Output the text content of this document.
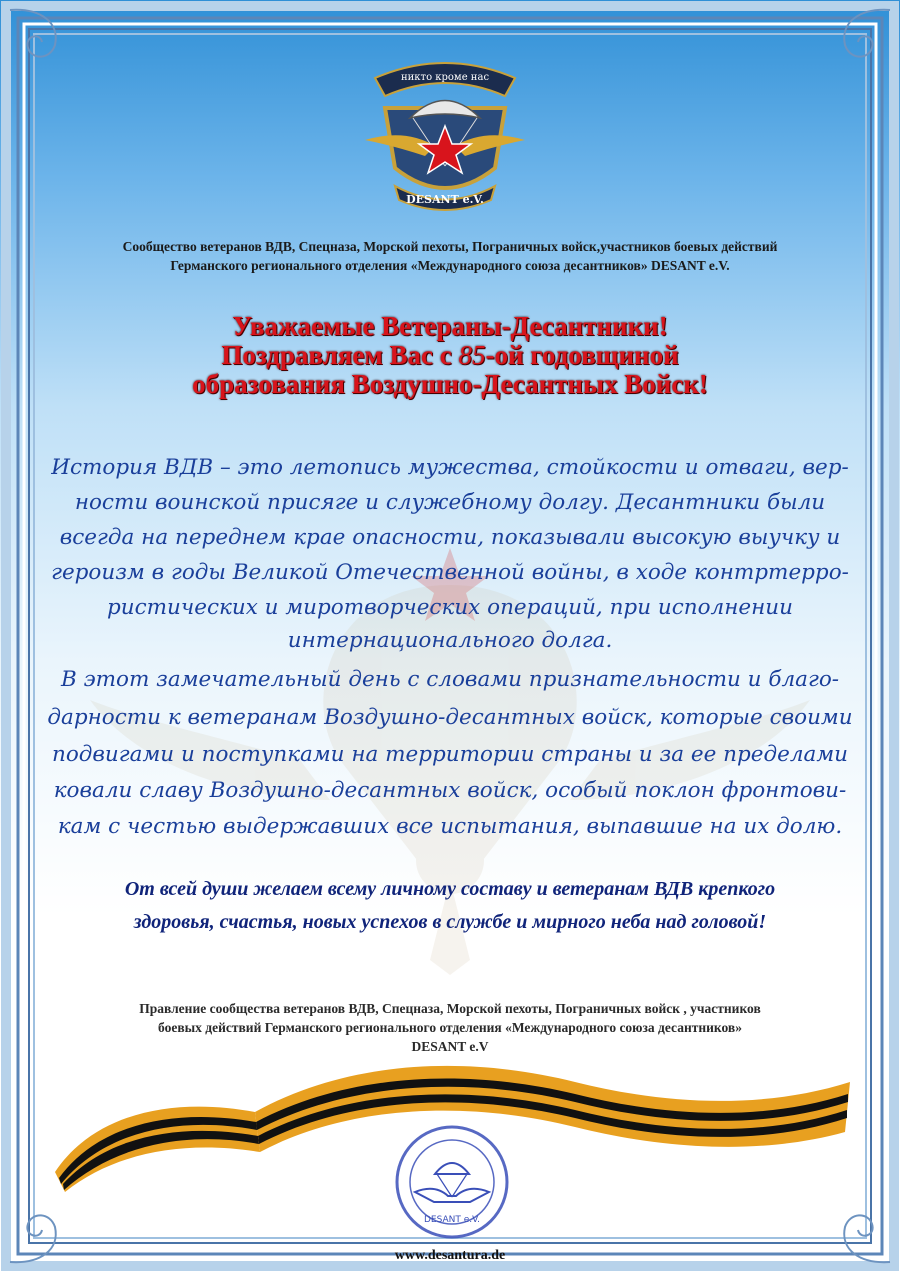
никто кроме нас
DESANT e.V.
Сообщество ветеранов ВДВ, Спецназа, Морской пехоты, Пограничных войск,участников боевых действий
Германского регионального отделения «Международного союза десантников» DESANT e.V.
Уважаемые Ветераны-Десантники!
Поздравляем Вас с 85-ой годовщиной
образования Воздушно-Десантных Войск!
История ВДВ – это летопись мужества, стойкости и отваги, вер-
ности воинской присяге и служебному долгу. Десантники были
всегда на переднем крае опасности, показывали высокую выучку и
героизм в годы Великой Отечественной войны, в ходе контртерро-
ристических и миротворческих операций, при исполнении
интернационального долга.
В этот замечательный день с словами признательности и благо-
дарности к ветеранам Воздушно-десантных войск, которые своими
подвигами и поступками на территории страны и за ее пределами
ковали славу Воздушно-десантных войск, особый поклон фронтови-
кам с честью выдержавших все испытания, выпавшие на их долю.
От всей души желаем всему личному составу и ветеранам ВДВ крепкого
здоровья, счастья, новых успехов в службе и мирного неба над головой!
Правление сообщества ветеранов ВДВ, Спецназа, Морской пехоты, Пограничных войск , участников
боевых действий Германского регионального отделения «Международного союза десантников»
DESANT e.V
DESANT e.V.
www.desantura.de
